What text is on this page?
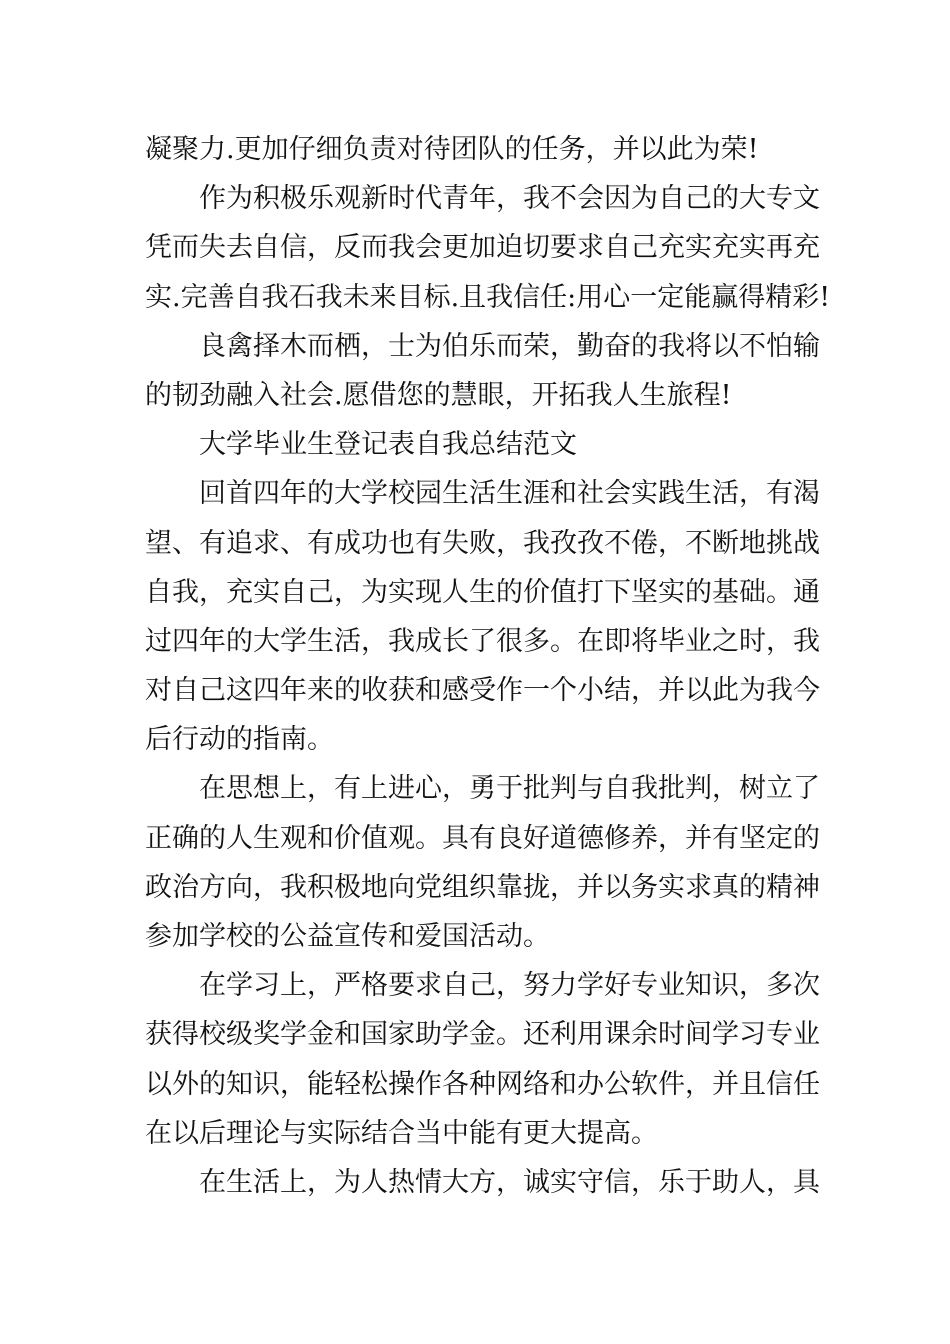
凝聚力.更加仔细负责对待团队的任务，并以此为荣!
作为积极乐观新时代青年，我不会因为自己的大专文
凭而失去自信，反而我会更加迫切要求自己充实充实再充
实.完善自我石我未来目标.且我信任:用心一定能赢得精彩!
良禽择木而栖，士为伯乐而荣，勤奋的我将以不怕输
的韧劲融入社会.愿借您的慧眼，开拓我人生旅程!
大学毕业生登记表自我总结范文
回首四年的大学校园生活生涯和社会实践生活，有渴
望、有追求、有成功也有失败，我孜孜不倦，不断地挑战
自我，充实自己，为实现人生的价值打下坚实的基础。通
过四年的大学生活，我成长了很多。在即将毕业之时，我
对自己这四年来的收获和感受作一个小结，并以此为我今
后行动的指南。
在思想上，有上进心，勇于批判与自我批判，树立了
正确的人生观和价值观。具有良好道德修养，并有坚定的
政治方向，我积极地向党组织靠拢，并以务实求真的精神
参加学校的公益宣传和爱国活动。
在学习上，严格要求自己，努力学好专业知识，多次
获得校级奖学金和国家助学金。还利用课余时间学习专业
以外的知识，能轻松操作各种网络和办公软件，并且信任
在以后理论与实际结合当中能有更大提高。
在生活上，为人热情大方，诚实守信，乐于助人，具
